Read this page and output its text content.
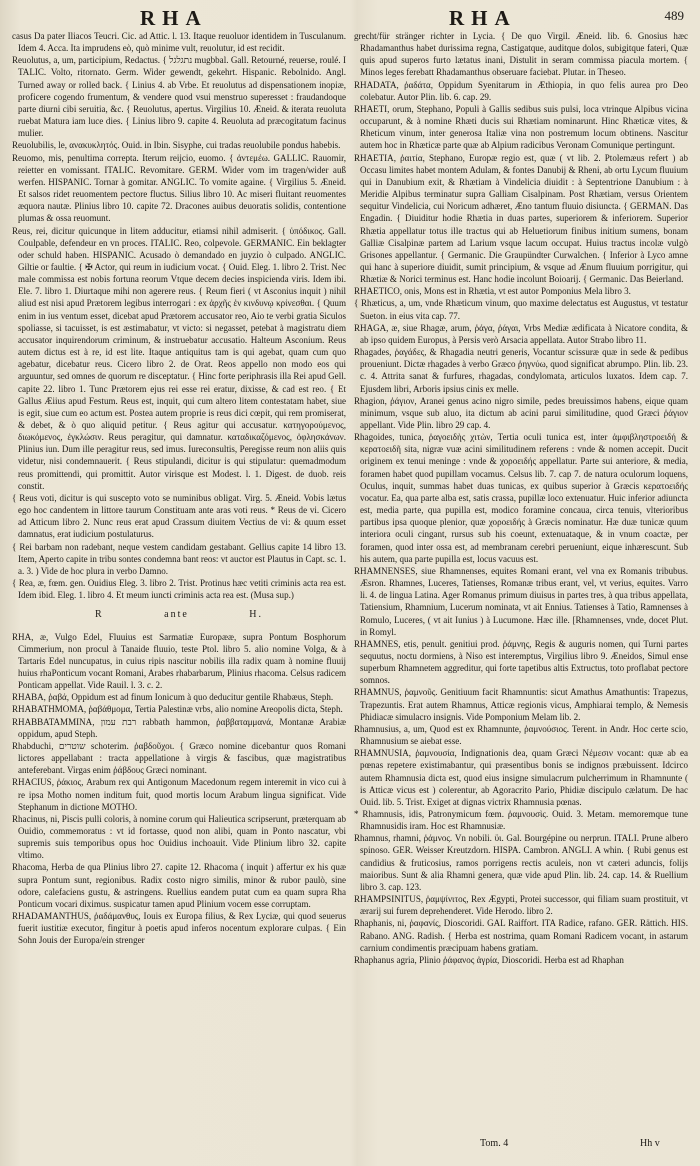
RHA	RHA	489

casus Da pater Iliacos Teucri. Cic. ad Attic. l. 13. Itaque reuoluor identidem in Tusculanum. Idem 4. Acca. Ita imprudens eò, quò minime vult, reuolutur, id est recidit.

Reuolutus, a, um, participium, Redactus. { נתגלגל mugbbal. Gall. Retourné, reuerse, roulé. I TALIC. Volto, ritornato. Germ. Wider gewendt, gekehrt. Hispanic. Rebolnido. Angl. Turned away or rolled back. { Linius 4. ab Vrbe. Et reuolutus ad dispensationem inopiæ, proficere cogendo frumentum, & vendere quod vsui menstruo superesset : fraudandoque parte diurni cibi seruitia, &c. { Reuolutus, apertus. Virgilius 10. Æneid. & iterata reuoluta ruebat Matura iam luce dies. { Linius libro 9. capite 4. Reuoluta ad præcogitatum facinus mulier.

Reuolubilis, le, ανακυκλητός. Ouid. in Ibin. Sisyphe, cui tradas reuolubile pondus habebis.

Reuomo, mis, penultima correpta. Iterum reijcio, euomo. { ἀντεμέω. GALLIC. Rauomir, reietter en vomissant. ITALIC. Revomitare. GERM. Wider vom im tragen/wider auß werfen. HISPANIC. Tornar à gomitar. ANGLIC. To vomite againe. { Virgilius 5. Æneid. Et salsos ridet reuomentem pectore fluctus. Silius libro 10. Ac miseri fluitant reuomentes æquora nautæ. Plinius libro 10. capite 72. Dracones auibus deuoratis solidis, contentione plumas & ossa reuomunt.

Reus, rei, dicitur quicunque in litem adducitur, etiamsi nihil admiserit. { ὑπόδικος. Gall. Coulpable, defendeur en vn proces. ITALIC. Reo, colpevole. GERMANIC. Ein beklagter oder schuld haben. HISPANIC. Acusado ò demandado en juyzio ò culpado. ANGLIC. Giltie or faultie. { ✠ Actor, qui reum in iudicium vocat. { Ouid. Eleg. 1. libro 2. Trist. Nec male commissa est nobis fortuna reorum Vtque decem decies inspicienda viris. Idem ibi. Ele. 7. libro 1. Diurtaque mihi non agerere reus. { Reum fieri ( vt Asconius inquit ) nihil aliud est nisi apud Prætorem legibus interrogari : ex ἀρχῆς ἐν κινδυνῳ κρίνεσθαι. { Quum enim in ius ventum esset, dicebat apud Prætorem accusator reo, Aio te verbi gratia Siculos spoliasse, si tacuisset, is est æstimabatur, vt victo: si negasset, petebat à magistratu diem accusator inquirendorum criminum, & instruebatur accusatio. Halteum Asconium. Reus autem dictus est à re, id est lite. Itaque antiquitus tam is qui agebat, quam cum quo agebatur, dicebatur reus. Cicero libro 2. de Orat. Reos appello non modo eos qui arguuntur, sed omnes de quorum re disceptatur. { Hinc forte periphrasis illa Rei apud Gell. capite 22. libro 1. Tunc Prætorem ejus rei esse rei eratur, dixisse, & cad est reo. { Et Gallus Æiius apud Festum. Reus est, inquit, qui cum altero litem contestatam habet, siue is egit, siue cum eo actum est. Postea autem proprie is reus dici cœpit, qui rem promiserat, & debet, & ò quo aliquid petitur. { Reus agitur qui accusatur. κατηγορούμενος, διωκόμενος, ἐγκλώσιν. Reus peragitur, qui damnatur. καταδικαζόμενος, ὀφλησκάνων. Plinius iun. Dum ille peragitur reus, sed imus. Iureconsultis, Peregisse reum non aliis quis videtur, nisi condemnauerit. { Reus stipulandi, dicitur is qui stipulatur: quemadmodum reus promittendi, qui promittit. Autor virisque est Modest. l. 1. Digest. de duob. reis constit.

{ Reus voti, dicitur is qui suscepto voto se numinibus obligat. Virg. 5. Æneid. Vobis lætus ego hoc candentem in littore taurum Constituam ante aras voti reus. * Reus de vi. Cicero ad Atticum libro 2. Nunc reus erat apud Crassum diuitem Vectius de vi: & quum esset damnatus, erat iudicium postulaturus.

{ Rei barbam non radebant, neque vestem candidam gestabant. Gellius capite 14 libro 13. Item, Aperto capite in tribu sontes condemna bant reos: vt auctor est Plautus in Capt. sc. 1. a. 3. ) Vide de hoc plura in verbo Damno.

{ Rea, æ, fœm. gen. Ouidius Eleg. 3. libro 2. Trist. Protinus hæc vetiti criminis acta rea est. Idem ibid. Eleg. 1. libro 4. Et meum iuncti criminis acta rea est. (Musa sup.)

R	ante	H.

RHA, æ, Vulgo Edel, Fluuius est Sarmatiæ Europææ, supra Pontum Bosphorum Cimmerium, non procul à Tanaide fluuio, teste Ptol. libro 5. alio nomine Volga, & à Tartaris Edel nuncupatus, in cuius ripis nascitur nobilis illa radix quam à nomine fluuij huius rhaPonticum vocant Romani, Arabes rhabarbarum, Plinius rhacoma. Celsus radicem Ponticam appellat. Vide Rauil. l. 3. c. 2.

RHABA, ῥαβά, Oppidum est ad finum Ionicum à quo deducitur gentile Rhabæus, Steph.

RHABATHMOMA, ῥαβάθμομα, Tertia Palestinæ vrbs, alio nomine Areopolis dicta, Steph.

RHABBATAMMINA, רבת עמון rabbath hammon, ῥαββαταμμανά, Montanæ Arabiæ oppidum, apud Steph.

Rhabduchi, שוטרים schoterim. ῥαβδοῦχοι. { Græco nomine dicebantur quos Romani lictores appellabant : tracta appellatione à virgis & fascibus, quæ magistratibus anteferebant. Virgas enim ῥάβδους Græci nominant.

RHACIUS, ῥάκιος, Arabum rex qui Antigonum Macedonum regem interemit in vico cui à re ipsa Motho nomen inditum fuit, quod mortis locum Arabum lingua significat. Vide Stephanum in dictione MOTHO.

Rhacinus, ni, Piscis pulli coloris, à nomine corum qui Halieutica scripserunt, præterquam ab Ouidio, commemoratus : vt id fortasse, quod non alibi, quam in Ponto nascatur, vbi supremis suis temporibus opus hoc Ouidius inchoauit. Vide Plinium libro 32. capite vltimo.

Rhacoma, Herba de qua Plinius libro 27. capite 12. Rhacoma ( inquit ) affertur ex his quæ supra Pontum sunt, regionibus. Radix costo nigro similis, minor & rubor paulò, sine odore, calefaciens gustu, & astringens. Ruellius eandem putat cum ea quam supra Rha Ponticum vocari diximus. suspicatur tamen apud Plinium vocem esse corruptam.

RHADAMANTHUS, ῥαδάμανθυς, Iouis ex Europa filius, & Rex Lyciæ, qui quod seuerus fuerit iustitiæ executor, fingitur à poetis apud inferos nocentum explorare culpas. { Ein Sohn Jouis der Europa/ein strenger

grecht/für stränger richter in Lycia. { De quo Virgil. Æneid. lib. 6. Gnosius hæc Rhadamanthus habet durissima regna, Castigatque, auditque dolos, subigitque fateri, Quæ quis apud superos furto lætatus inani, Distulit in seram commissa piacula mortem. { Minos leges ferebatt Rhadamanthus obseruare faciebat. Plutar. in Theseo.

RHADATA, ῥαδάτα, Oppidum Syenitarum in Æthiopia, in quo felis aurea pro Deo colebatur. Autor Plin. lib. 6. cap. 29.

RHAETI, orum, Stephano, Populi à Gallis sedibus suis pulsi, loca vtrinque Alpibus vicina occuparunt, & à nomine Rhæti ducis sui Rhætiam nominarunt. Hinc Rhæticæ vites, & Rheticum vinum, inter generosa Italiæ vina non postremum locum obtinens. Nascitur autem hoc in Rhæticæ parte quæ ab Alpium radicibus Veronam Comunique pertingunt.

RHAETIA, ῥαιτία, Stephano, Europæ regio est, quæ ( vt lib. 2. Ptolemæus refert ) ab Occasu limites habet montem Adulam, & fontes Danubij & Rheni, ab ortu Lycum fluuium qui in Danubium exit, & Rhætiam à Vindelicia diuidit : à Septentrione Danubium : à Meridie Alpibus terminatur supra Galliam Cisalpinam. Post Rhætiam, versus Orientem sequitur Vindelicia, cui Noricum adhæret, Æno tantum fluuio disiuncta. { GERMAN. Das Engadin. { Diuiditur hodie Rhætia in duas partes, superiorem & inferiorem. Superior Rhætia appellatur totus ille tractus qui ab Heluetiorum finibus initium sumens, bonam Galliæ Cisalpinæ partem ad Larium vsque lacum occupat. Huius tractus incolæ vulgò Grisones appellantur. { Germanic. Die Graupündter Curwalchen. { Inferior à Lyco amne qui hanc à superiore diuidit, sumit principium, & vsque ad Ænum fluuium porrigitur, qui Rhætiæ & Norici terminus est. Hanc hodie incolunt Boioarij. { Germanic. Das Beierland.

RHAETICO, onis, Mons est in Rhætia, vt est autor Pomponius Mela libro 3.

{ Rhæticus, a, um, vnde Rhæticum vinum, quo maxime delectatus est Augustus, vt testatur Sueton. in eius vita cap. 77.

RHAGA, æ, siue Rhagæ, arum, ῥάγα, ῥάγαι, Vrbs Mediæ ædificata à Nicatore condita, & ab ipso quidem Europus, à Persis verò Arsacia appellata. Autor Strabo libro 11.

Rhagades, ῥαγάδες, & Rhagadia neutri generis, Vocantur scissuræ quæ in sede & pedibus proueniunt. Dictæ rhagades à verbo Græco ῥηγνύω, quod significat abrumpo. Plin. lib. 23. c. 4. Attrita sanat & furfures, rhagadas, condylomata, articulos luxatos. Idem cap. 7. Ejusdem libri, Arboris ipsius cinis ex melle.

Rhagion, ῥάγιον, Aranei genus acino nigro simile, pedes breuissimos habens, eique quam minimum, vsque sub aluo, ita dictum ab acini parui similitudine, quod Græci ῥάγιον appellant. Vide Plin. libro 29 cap. 4.

Rhagoides, tunica, ῥαγοειδὴς χιτὼν, Tertia oculi tunica est, inter ἀμφιβληστροειδή & κερατοειδῆ sita, nigræ vuæ acini similitudinem referens : vnde & nomen accepit. Ducit originem ex tenui meninge : vnde & χοροειδής appellatur. Parte sui anteriore, & media, foramen habet quod pupillam vocamus. Celsus lib. 7. cap 7. de natura oculorum loquens, Oculus, inquit, summas habet duas tunicas, ex quibus superior à Græcis κερατοειδής vocatur. Ea, qua parte alba est, satis crassa, pupillæ loco extenuatur. Huic inferior adiuncta est, media parte, qua pupilla est, modico foramine concaua, circa tenuis, vlterioribus partibus ipsa quoque plenior, quæ χοροειδής à Græcis nominatur. Hæ duæ tunicæ quum interiora oculi cingant, rursus sub his coeunt, extenuataque, & in vnum coactæ, per foramen, quod inter ossa est, ad membranam cerebri perueniunt, eique inhærescunt. Sub his autem, qua parte pupilla est, locus vacuus est.

RHAMNENSES, siue Rhamnenses, equites Romani erant, vel vna ex Romanis tribubus. Æsron. Rhamnes, Luceres, Tatienses, Romanæ tribus erant, vel, vt verius, equites. Varro li. 4. de lingua Latina. Ager Romanus primum diuisus in partes tres, à qua tribus appellata, Tatiensium, Rhamnium, Lucerum nominata, vt ait Ennius. Tatienses à Tatio, Ramnenses à Romulo, Luceres, ( vt ait Iunius ) à Lucumone. Hæc ille. [Rhamnenses, vnde, docet Plut. in Romyl.

RHAMNES, etis, penult. genitiui prod. ῥάμνης, Regis & auguris nomen, qui Turni partes sequutus, noctu dormiens, à Niso est interemptus, Virgilius libro 9. Æneidos, Simul ense superbum Rhamnetem aggreditur, qui forte tapetibus altis Extructus, toto proflabat pectore somnos.

RHAMNUS, ῥαμνοῦς. Genitiuum facit Rhamnuntis: sicut Amathus Amathuntis: Trapezus, Trapezuntis. Erat autem Rhamnus, Atticæ regionis vicus, Amphiarai templo, & Nemesis Phidiacæ simulacro insignis. Vide Pomponium Melam lib. 2.

Rhamnusius, a, um, Quod est ex Rhamnunte, ῥαμνούσιος. Terent. in Andr. Hoc certe scio, Rhamnusium se aiebat esse.

RHAMNUSIA, ῥαμνουσία, Indignationis dea, quam Græci Νέμεσιν vocant: quæ ab ea pœnas repetere existimabantur, qui præsentibus bonis se indignos præbuissent. Idcirco autem Rhamnusia dicta est, quod eius insigne simulacrum pulcherrimum in Rhamnunte ( is Atticæ vicus est ) colerentur, ab Agoracrito Pario, Phidiæ discipulo cælatum. De hac Ouid. lib. 5. Trist. Exiget at dignas victrix Rhamnusia pœnas.

* Rhamnusis, idis, Patronymicum fœm. ῥαμνουσὶς. Ouid. 3. Metam. memoremque tune Rhamnusidis iram. Hoc est Rhamnusiæ.

Rhamnus, rhamni, ῥάμνος. Vn nobili. ϋι. Gal. Bourgépine ou nerprun. ITALI. Prune albero spinoso. GER. Weisser Kreutzdorn. HISPA. Cambron. ANGLI. A whin. { Rubi genus est candidius & fruticosius, ramos porrigens rectis aculeis, non vt cæteri aduncis, folijs maioribus. Sunt & alia Rhamni genera, quæ vide apud Plin. lib. 24. cap. 14. & Ruellium libro 3. cap. 123.

RHAMPSINITUS, ῥαμψίνιτος, Rex Ægypti, Protei successor, qui filiam suam prostituit, vt ærarij sui furem deprehenderet. Vide Herodo. libro 2.

Rhaphanis, ni, ῥαφανίς, Dioscoridi. GAL Raiffort. ITA Radice, rafano. GER. Rättich. HIS. Rabano. ANG. Radish. { Herba est nostrima, quam Romani Radicem vocant, in astarum carnium condimentis præcipuam habens gratiam.

Rhaphanus agria, Plinio ῥάφανος ἀγρία, Dioscoridi. Herba est ad Rhaphan

Tom. 4	Hh v
